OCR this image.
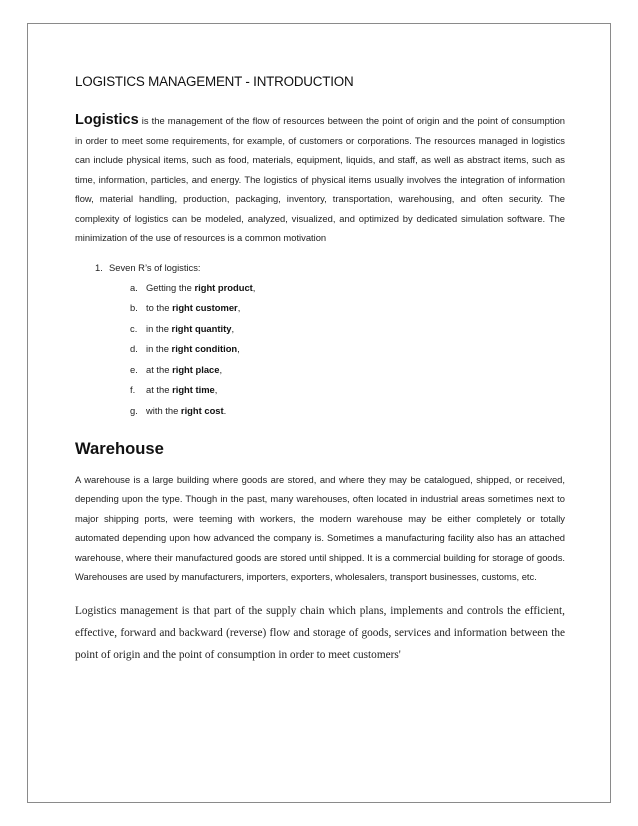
LOGISTICS MANAGEMENT - INTRODUCTION

Logistics is the management of the flow of resources between the point of origin and the point of consumption in order to meet some requirements, for example, of customers or corporations. The resources managed in logistics can include physical items, such as food, materials, equipment, liquids, and staff, as well as abstract items, such as time, information, particles, and energy. The logistics of physical items usually involves the integration of information flow, material handling, production, packaging, inventory, transportation, warehousing, and often security. The complexity of logistics can be modeled, analyzed, visualized, and optimized by dedicated simulation software. The minimization of the use of resources is a common motivation

1. Seven R’s of logistics:
a. Getting the right product,
b. to the right customer,
c. in the right quantity,
d. in the right condition,
e. at the right place,
f. at the right time,
g. with the right cost.
Warehouse

A warehouse is a large building where goods are stored, and where they may be catalogued, shipped, or received, depending upon the type. Though in the past, many warehouses, often located in industrial areas sometimes next to major shipping ports, were teeming with workers, the modern warehouse may be either completely or totally automated depending upon how advanced the company is. Sometimes a manufacturing facility also has an attached warehouse, where their manufactured goods are stored until shipped. It is a commercial building for storage of goods. Warehouses are used by manufacturers, importers, exporters, wholesalers, transport businesses, customs, etc.

Logistics management is that part of the supply chain which plans, implements and controls the efficient, effective, forward and backward (reverse) flow and storage of goods, services and information between the point of origin and the point of consumption in order to meet customers'
